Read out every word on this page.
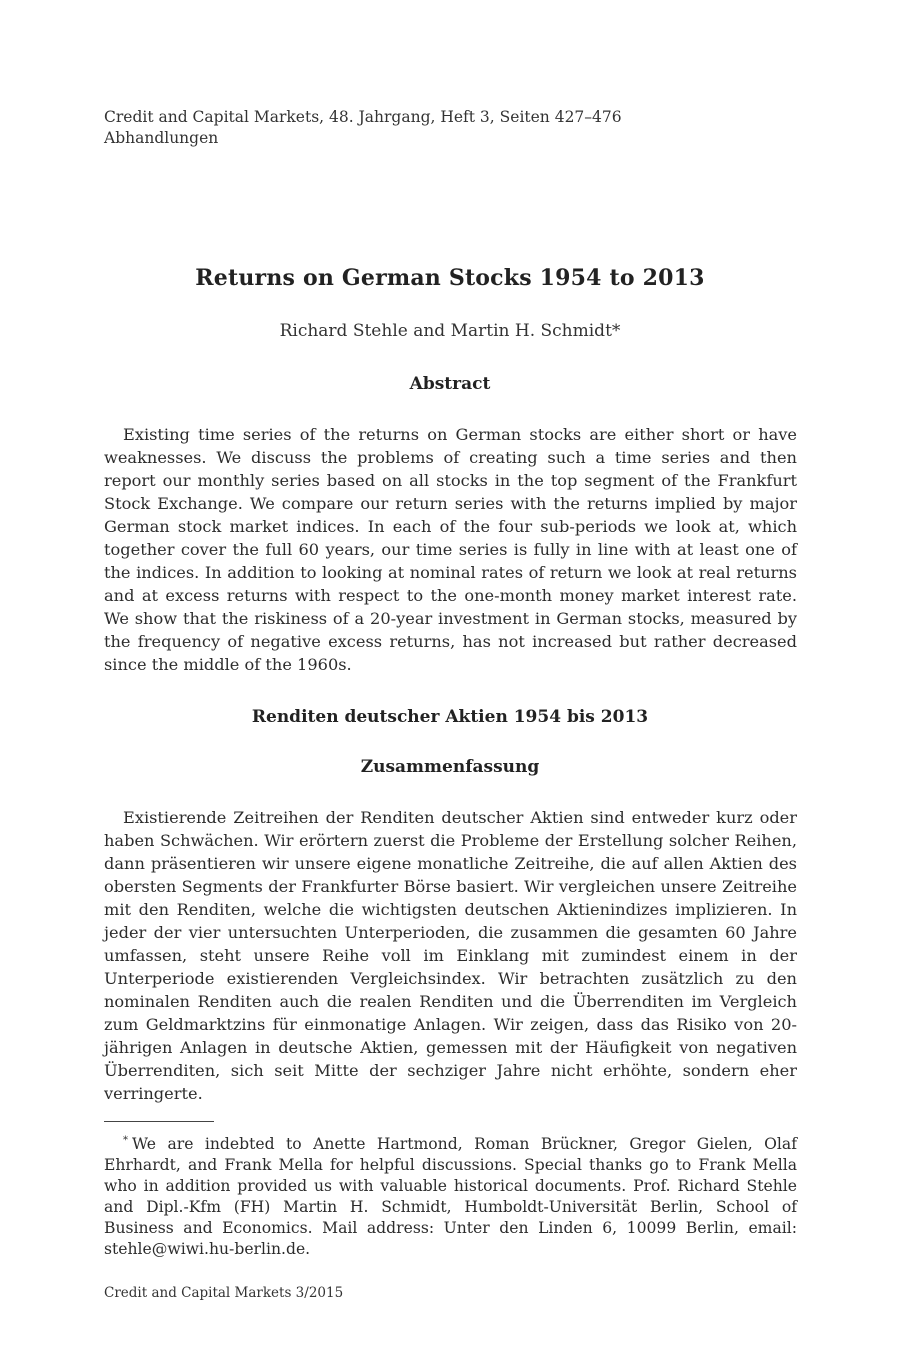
Credit and Capital Markets, 48. Jahrgang, Heft 3, Seiten 427–476
Abhandlungen
Returns on German Stocks 1954 to 2013
Richard Stehle and Martin H. Schmidt*
Abstract

Existing time series of the returns on German stocks are either short or have weaknesses. We discuss the problems of creating such a time series and then report our monthly series based on all stocks in the top segment of the Frankfurt Stock Exchange. We compare our return series with the returns implied by major German stock market indices. In each of the four sub-periods we look at, which together cover the full 60 years, our time series is fully in line with at least one of the indices. In addition to looking at nominal rates of return we look at real returns and at excess returns with respect to the one-month money market interest rate. We show that the riskiness of a 20-year investment in German stocks, measured by the frequency of negative excess returns, has not increased but rather decreased since the middle of the 1960s.

Renditen deutscher Aktien 1954 bis 2013
Zusammenfassung

Existierende Zeitreihen der Renditen deutscher Aktien sind entweder kurz oder haben Schwächen. Wir erörtern zuerst die Probleme der Erstellung solcher Reihen, dann präsentieren wir unsere eigene monatliche Zeitreihe, die auf allen Aktien des obersten Segments der Frankfurter Börse basiert. Wir vergleichen unsere Zeitreihe mit den Renditen, welche die wichtigsten deutschen Aktienindizes implizieren. In jeder der vier untersuchten Unterperioden, die zusammen die gesamten 60 Jahre umfassen, steht unsere Reihe voll im Einklang mit zumindest einem in der Unterperiode existierenden Vergleichsindex. Wir betrachten zusätzlich zu den nominalen Renditen auch die realen Renditen und die Überrenditen im Vergleich zum Geldmarktzins für einmonatige Anlagen. Wir zeigen, dass das Risiko von 20-jährigen Anlagen in deutsche Aktien, gemessen mit der Häufigkeit von negativen Überrenditen, sich seit Mitte der sechziger Jahre nicht erhöhte, sondern eher verringerte.

* We are indebted to Anette Hartmond, Roman Brückner, Gregor Gielen, Olaf Ehrhardt, and Frank Mella for helpful discussions. Special thanks go to Frank Mella who in addition provided us with valuable historical documents. Prof. Richard Stehle and Dipl.-Kfm (FH) Martin H. Schmidt, Humboldt-Universität Berlin, School of Business and Economics. Mail address: Unter den Linden 6, 10099 Berlin, email: stehle@wiwi.hu-berlin.de.

Credit and Capital Markets 3/2015
